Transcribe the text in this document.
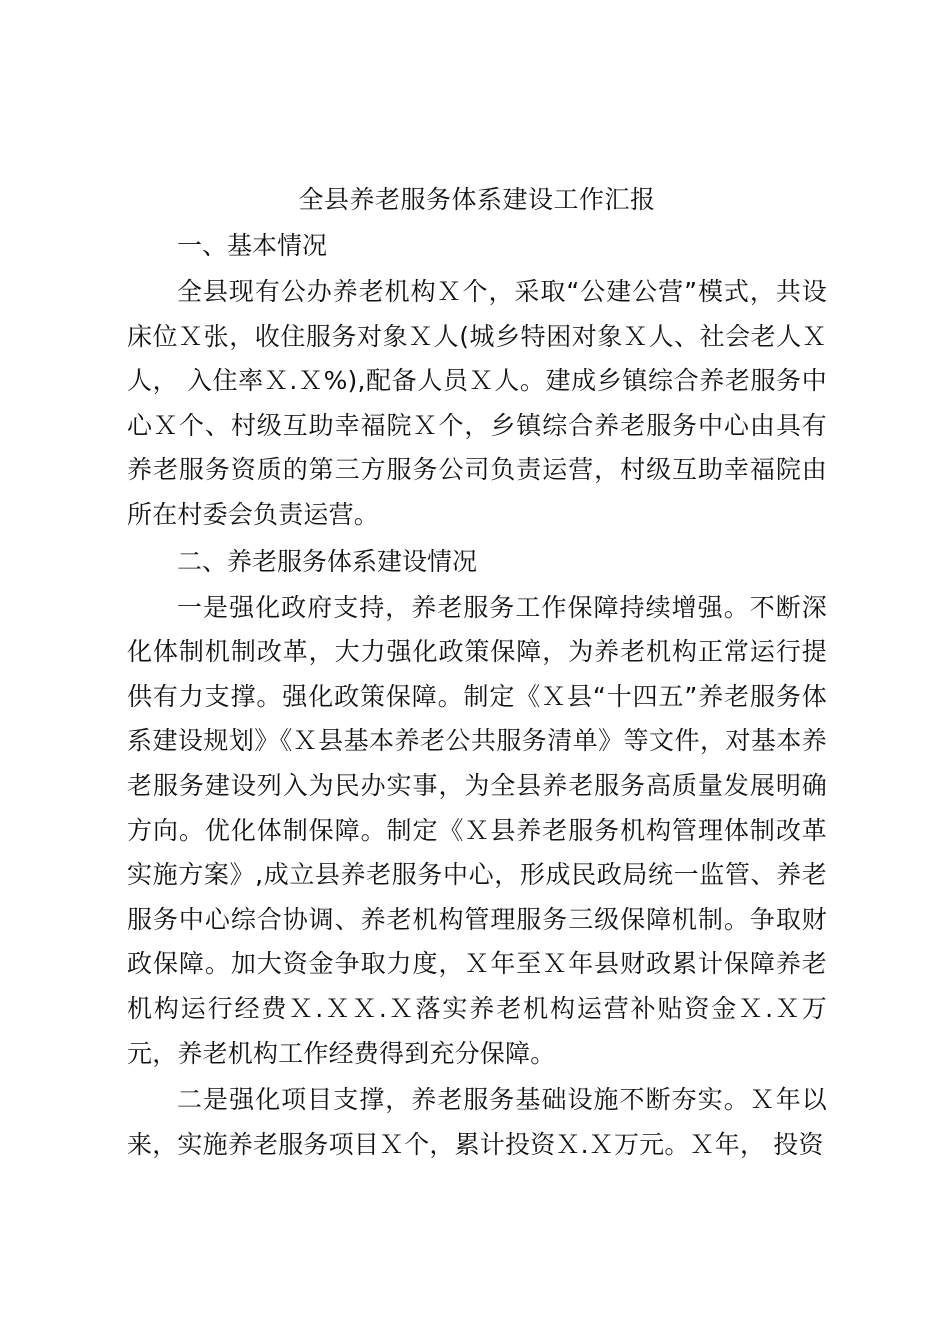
全县养老服务体系建设工作汇报
一、基本情况
全县现有公办养老机构Ｘ个，采取“公建公营”模式，共设床位Ｘ张，收住服务对象Ｘ人(城乡特困对象Ｘ人、社会老人Ｘ人， 入住率Ｘ.Ｘ%),配备人员Ｘ人。建成乡镇综合养老服务中心Ｘ个、村级互助幸福院Ｘ个，乡镇综合养老服务中心由具有养老服务资质的第三方服务公司负责运营，村级互助幸福院由所在村委会负责运营。
二、养老服务体系建设情况
一是强化政府支持，养老服务工作保障持续增强。不断深化体制机制改革，大力强化政策保障，为养老机构正常运行提供有力支撑。强化政策保障。制定《Ｘ县“十四五”养老服务体系建设规划》《Ｘ县基本养老公共服务清单》等文件，对基本养老服务建设列入为民办实事，为全县养老服务高质量发展明确方向。优化体制保障。制定《Ｘ县养老服务机构管理体制改革实施方案》,成立县养老服务中心，形成民政局统一监管、养老服务中心综合协调、养老机构管理服务三级保障机制。争取财政保障。加大资金争取力度，Ｘ年至Ｘ年县财政累计保障养老机构运行经费Ｘ.ＸＸ.Ｘ落实养老机构运营补贴资金Ｘ.Ｘ万元，养老机构工作经费得到充分保障。
二是强化项目支撑，养老服务基础设施不断夯实。Ｘ年以来，实施养老服务项目Ｘ个，累计投资Ｘ.Ｘ万元。Ｘ年， 投资
